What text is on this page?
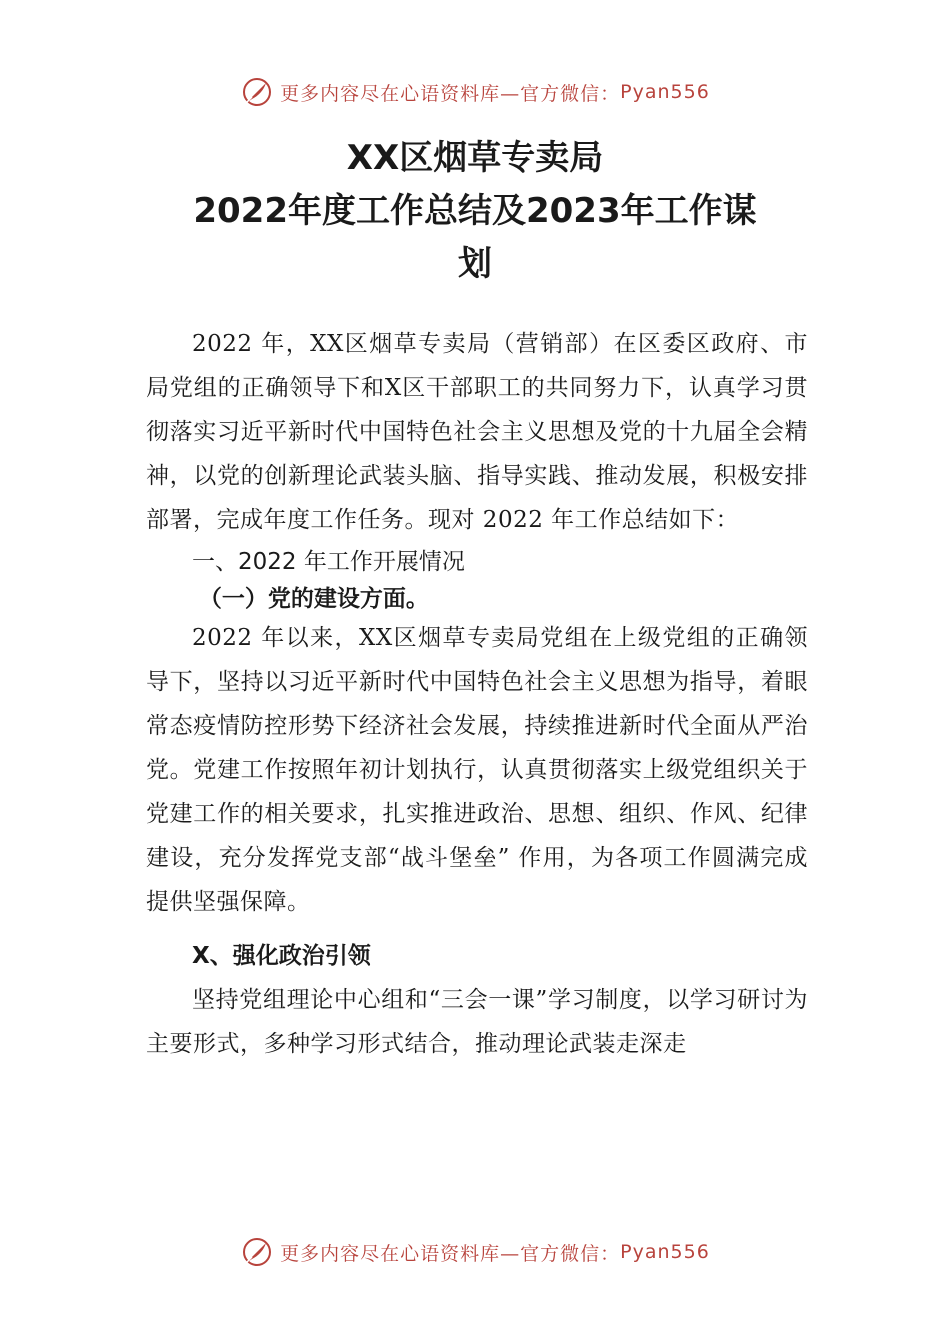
更多内容尽在心语资料库—官方微信： Pyan556
XX区烟草专卖局
2022年度工作总结及2023年工作谋
划

2022 年，XX区烟草专卖局（营销部）在区委区政府、市局党组的正确领导下和X区干部职工的共同努力下，认真学习贯彻落实习近平新时代中国特色社会主义思想及党的十九届全会精神，以党的创新理论武装头脑、指导实践、推动发展，积极安排部署，完成年度工作任务。现对 2022 年工作总结如下：

一、2022 年工作开展情况

（一）党的建设方面。

2022 年以来，XX区烟草专卖局党组在上级党组的正确领导下，坚持以习近平新时代中国特色社会主义思想为指导，着眼常态疫情防控形势下经济社会发展，持续推进新时代全面从严治党。党建工作按照年初计划执行，认真贯彻落实上级党组织关于党建工作的相关要求，扎实推进政治、思想、组织、作风、纪律建设，充分发挥党支部“战斗堡垒” 作用，为各项工作圆满完成提供坚强保障。

X、强化政治引领

坚持党组理论中心组和“三会一课”学习制度，以学习研讨为主要形式，多种学习形式结合，推动理论武装走深走

更多内容尽在心语资料库—官方微信： Pyan556
